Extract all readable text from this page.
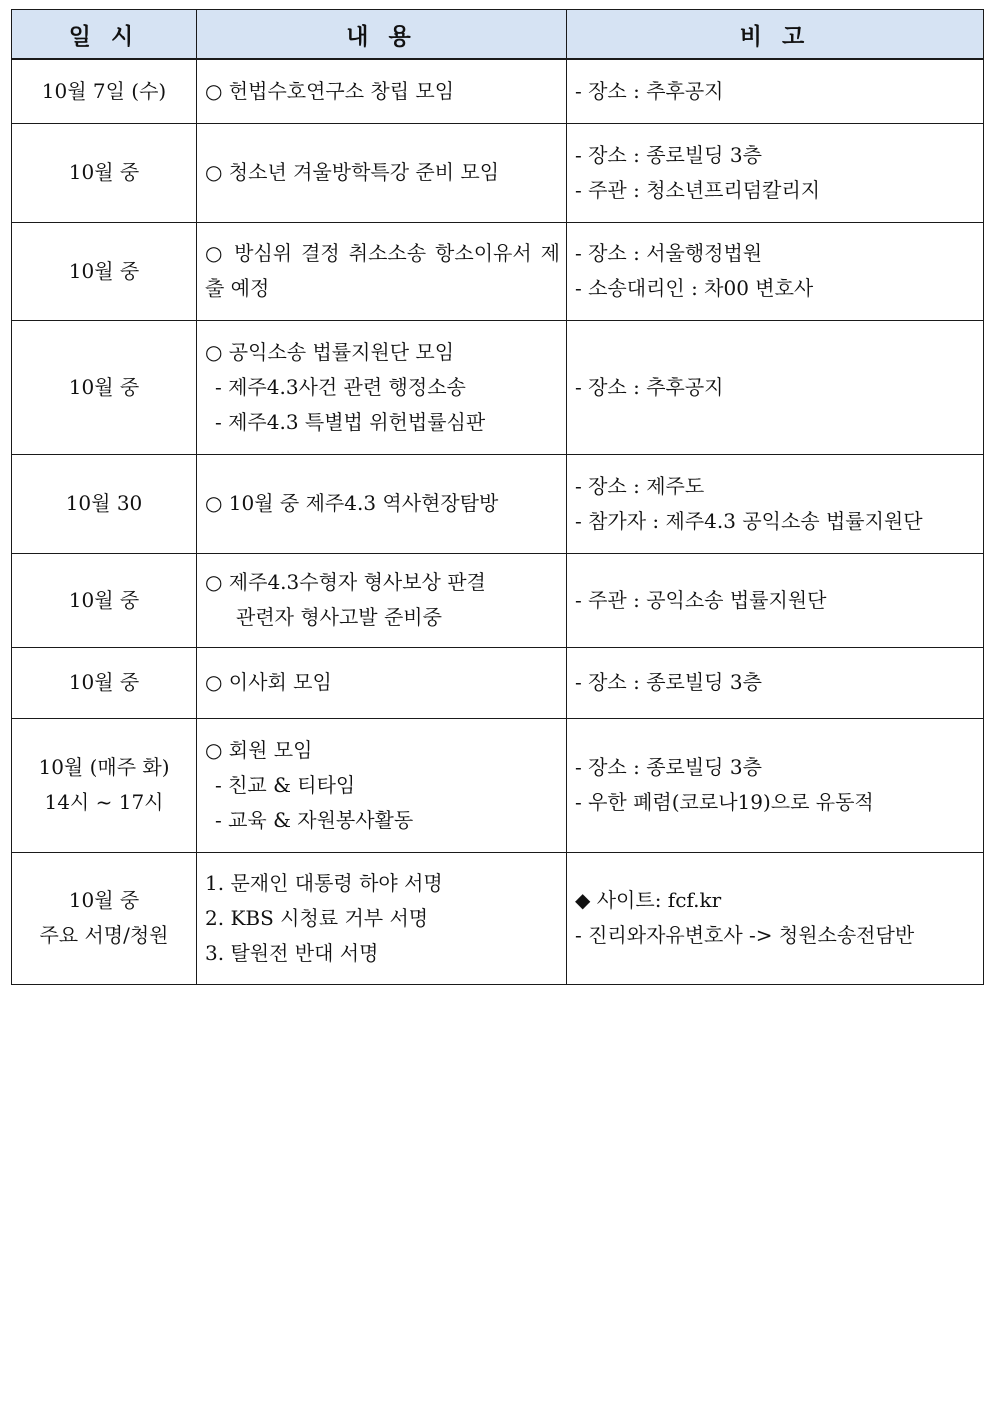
일 시	내 용	비 고

10월 7일 (수)	○ 헌법수호연구소 창립 모임	- 장소 : 추후공지

10월 중	○ 청소년 겨울방학특강 준비 모임	- 장소 : 종로빌딩 3층
- 주관 : 청소년프리덤칼리지

10월 중	○ 방심위 결정 취소소송 항소이유서 제출 예정	- 장소 : 서울행정법원
- 소송대리인 : 차00 변호사

10월 중	○ 공익소송 법률지원단 모임
- 제주4.3사건 관련 행정소송
- 제주4.3 특별법 위헌법률심판	- 장소 : 추후공지

10월 30	○ 10월 중 제주4.3 역사현장탐방	- 장소 : 제주도
- 참가자 : 제주4.3 공익소송 법률지원단

10월 중	○ 제주4.3수형자 형사보상 판결
관련자 형사고발 준비중	- 주관 : 공익소송 법률지원단

10월 중	○ 이사회 모임	- 장소 : 종로빌딩 3층

10월 (매주 화)
14시 ~ 17시	○ 회원 모임
- 친교 & 티타임
- 교육 & 자원봉사활동	- 장소 : 종로빌딩 3층
- 우한 폐렴(코로나19)으로 유동적

10월 중
주요 서명/청원	1. 문재인 대통령 하야 서명
2. KBS 시청료 거부 서명
3. 탈원전 반대 서명	◆ 사이트: fcf.kr
- 진리와자유변호사 -> 청원소송전담반
